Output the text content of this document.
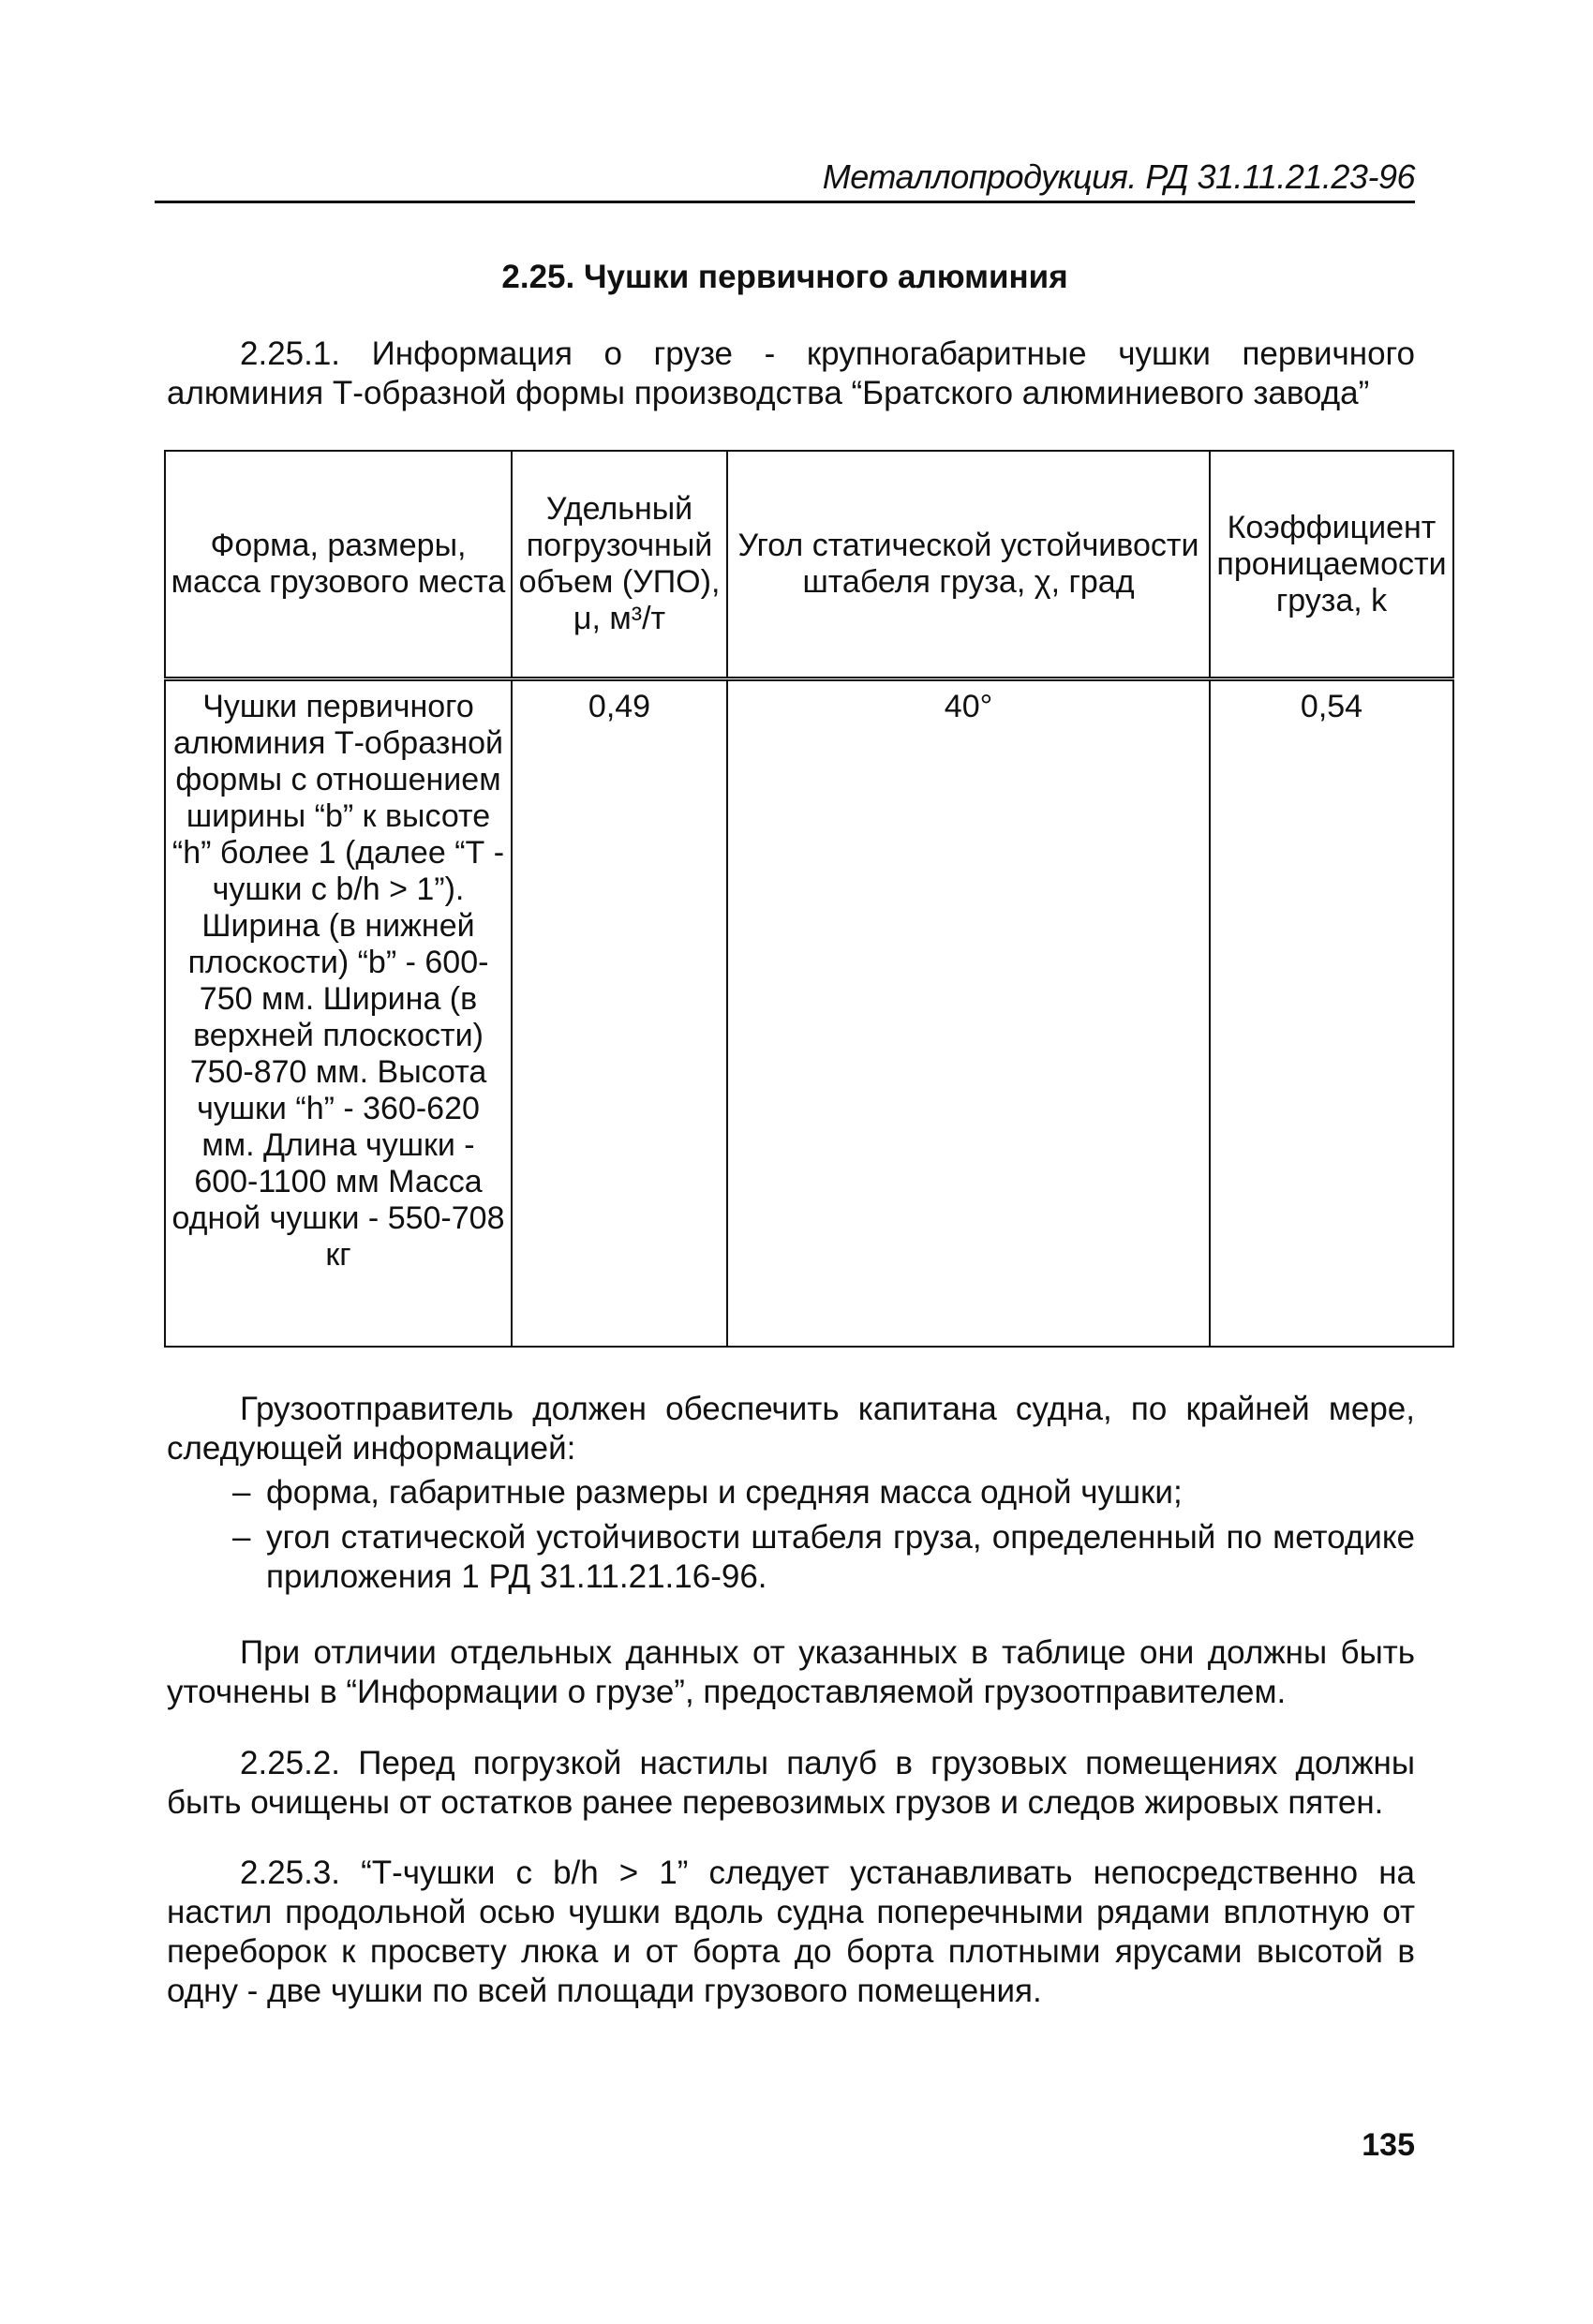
Металлопродукция. РД 31.11.21.23-96
2.25. Чушки первичного алюминия
2.25.1. Информация о грузе - крупногабаритные чушки первичного алюминия Т-образной формы производства “Братского алюминиевого завода”
Форма, размеры, масса грузового места	Удельный погрузочный объем (УПО), μ, м³/т	Угол статической устойчивости штабеля груза, χ, град	Коэффициент проницаемости груза, k
Чушки первичного алюминия Т-образной формы с отношением ширины “b” к высоте “h” более 1 (далее “Т - чушки с b/h > 1”). Ширина (в нижней плоскости) “b” - 600-750 мм. Ширина (в верхней плоскости) 750-870 мм. Высота чушки “h” - 360-620 мм. Длина чушки - 600-1100 мм Масса одной чушки - 550-708 кг	0,49	40°	0,54
Грузоотправитель должен обеспечить капитана судна, по крайней мере, следующей информацией:
– форма, габаритные размеры и средняя масса одной чушки;
– угол статической устойчивости штабеля груза, определенный по методике приложения 1 РД 31.11.21.16-96.
При отличии отдельных данных от указанных в таблице они должны быть уточнены в “Информации о грузе”, предоставляемой грузоотправителем.
2.25.2. Перед погрузкой настилы палуб в грузовых помещениях должны быть очищены от остатков ранее перевозимых грузов и следов жировых пятен.
2.25.3. “Т-чушки с b/h > 1” следует устанавливать непосредственно на настил продольной осью чушки вдоль судна поперечными рядами вплотную от переборок к просвету люка и от борта до борта плотными ярусами высотой в одну - две чушки по всей площади грузового помещения.
135
